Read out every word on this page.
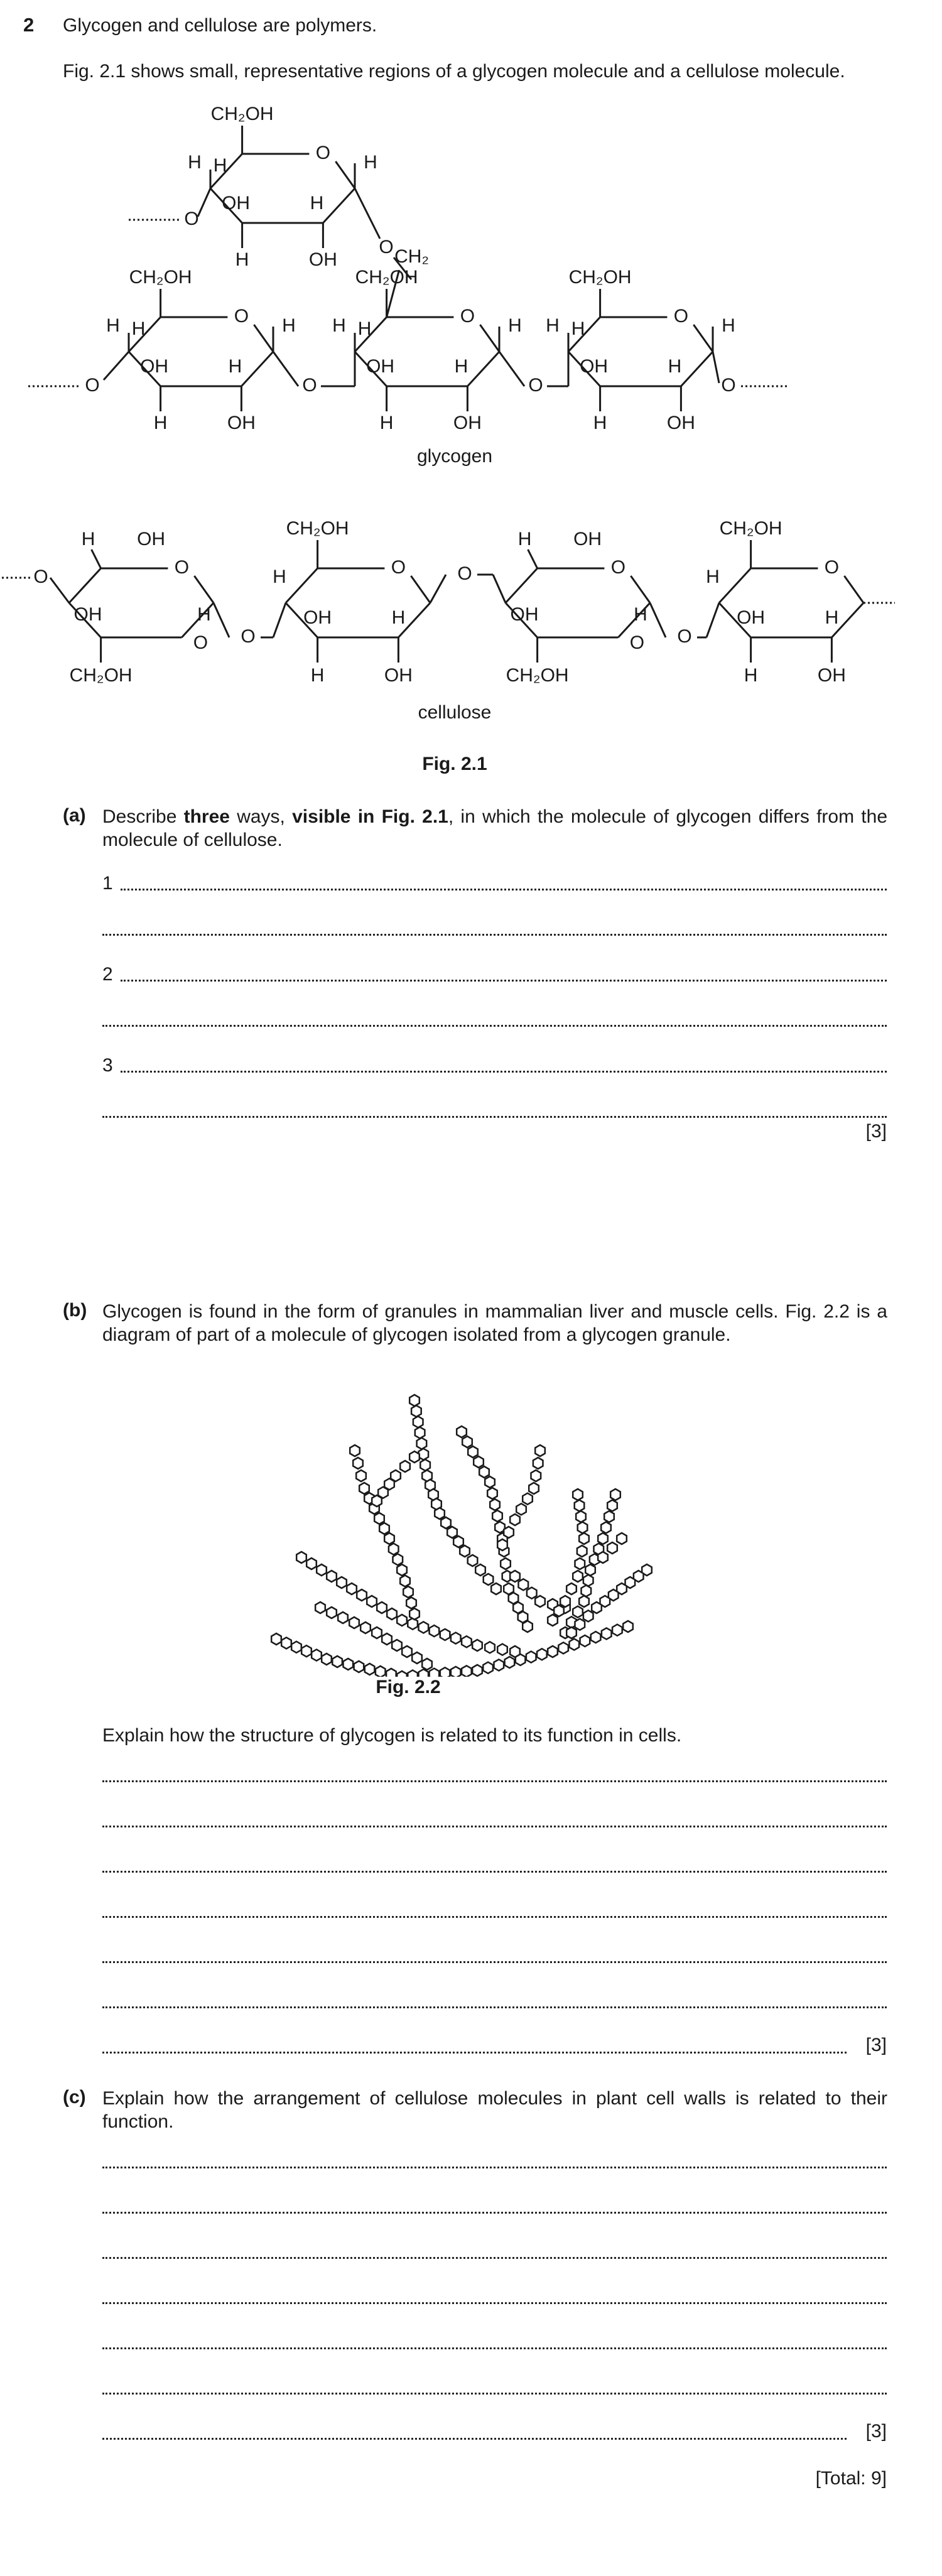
2 Glycogen and cellulose are polymers.
Fig. 2.1 shows small, representative regions of a glycogen molecule and a cellulose molecule.
O
CH₂OH
H	H
OH	H
H	OH
H
O
CH₂OH
H	H
OH	H
H	OH
H	O
CH₂OH
H	H
OH	H
H	OH
H	O
CH₂OH
H	H
OH	H
H	OH
H
O	O	O	O
O
O CH₂
O
H OH
CH₂OH
O
OH	H
O
CH₂OH
H
OH	H
H	OH
O
H OH
CH₂OH
O
OH	H
O
CH₂OH
H
OH	H
H	OH
O
O
O
O
glycogen
cellulose
Fig. 2.1
(a) Describe three ways, visible in Fig. 2.1, in which the molecule of glycogen differs from the molecule of cellulose.
1
2
3
[3]
(b) Glycogen is found in the form of granules in mammalian liver and muscle cells. Fig. 2.2 is a diagram of part of a molecule of glycogen isolated from a glycogen granule.
Fig. 2.2
Explain how the structure of glycogen is related to its function in cells.
[3]
(c) Explain how the arrangement of cellulose molecules in plant cell walls is related to their function.
[3]
[Total: 9]
